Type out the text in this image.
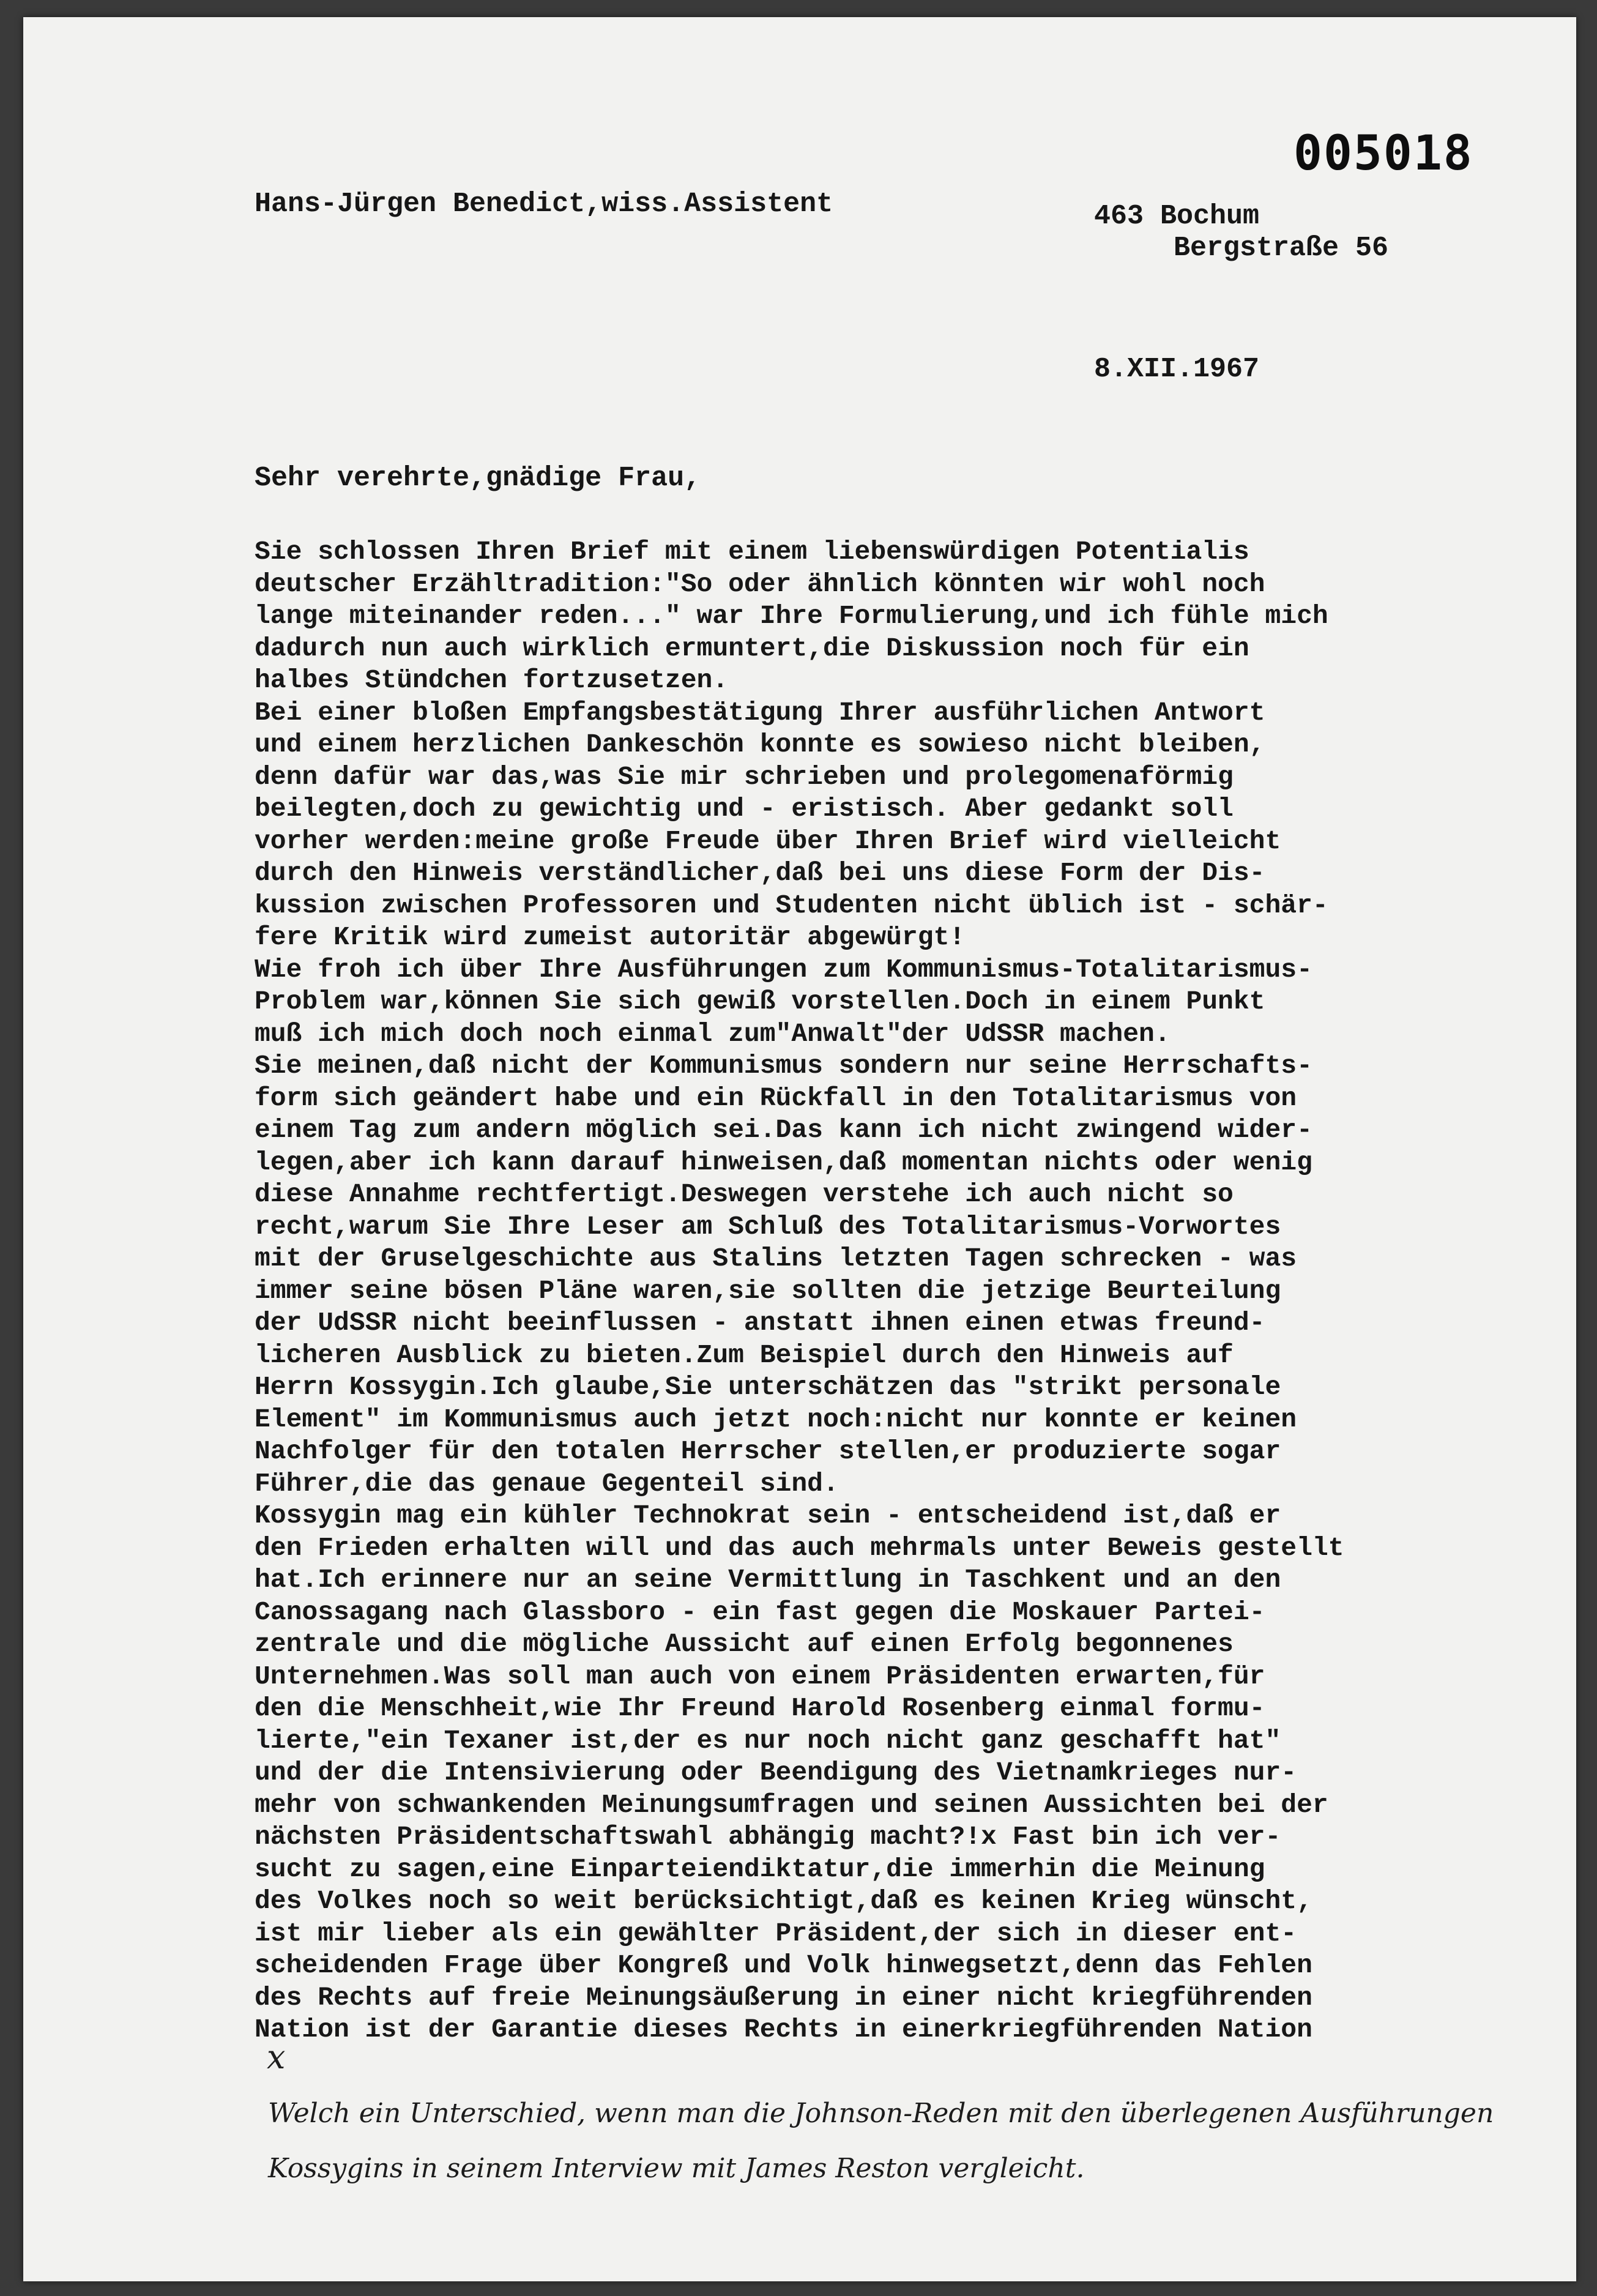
005018
Hans-Jürgen Benedict,wiss.Assistent	463 Bochum
Bergstraße 56
8.XII.1967
Sehr verehrte,gnädige Frau,
Sie schlossen Ihren Brief mit einem liebenswürdigen Potentialis
deutscher Erzähltradition:"So oder ähnlich könnten wir wohl noch
lange miteinander reden..." war Ihre Formulierung,und ich fühle mich
dadurch nun auch wirklich ermuntert,die Diskussion noch für ein
halbes Stündchen fortzusetzen.
Bei einer bloßen Empfangsbestätigung Ihrer ausführlichen Antwort
und einem herzlichen Dankeschön konnte es sowieso nicht bleiben,
denn dafür war das,was Sie mir schrieben und prolegomenaförmig
beilegten,doch zu gewichtig und - eristisch. Aber gedankt soll
vorher werden:meine große Freude über Ihren Brief wird vielleicht
durch den Hinweis verständlicher,daß bei uns diese Form der Dis-
kussion zwischen Professoren und Studenten nicht üblich ist - schär-
fere Kritik wird zumeist autoritär abgewürgt!
Wie froh ich über Ihre Ausführungen zum Kommunismus-Totalitarismus-
Problem war,können Sie sich gewiß vorstellen.Doch in einem Punkt
muß ich mich doch noch einmal zum"Anwalt"der UdSSR machen.
Sie meinen,daß nicht der Kommunismus sondern nur seine Herrschafts-
form sich geändert habe und ein Rückfall in den Totalitarismus von
einem Tag zum andern möglich sei.Das kann ich nicht zwingend wider-
legen,aber ich kann darauf hinweisen,daß momentan nichts oder wenig
diese Annahme rechtfertigt.Deswegen verstehe ich auch nicht so
recht,warum Sie Ihre Leser am Schluß des Totalitarismus-Vorwortes
mit der Gruselgeschichte aus Stalins letzten Tagen schrecken - was
immer seine bösen Pläne waren,sie sollten die jetzige Beurteilung
der UdSSR nicht beeinflussen - anstatt ihnen einen etwas freund-
licheren Ausblick zu bieten.Zum Beispiel durch den Hinweis auf
Herrn Kossygin.Ich glaube,Sie unterschätzen das "strikt personale
Element" im Kommunismus auch jetzt noch:nicht nur konnte er keinen
Nachfolger für den totalen Herrscher stellen,er produzierte sogar
Führer,die das genaue Gegenteil sind.
Kossygin mag ein kühler Technokrat sein - entscheidend ist,daß er
den Frieden erhalten will und das auch mehrmals unter Beweis gestellt
hat.Ich erinnere nur an seine Vermittlung in Taschkent und an den
Canossagang nach Glassboro - ein fast gegen die Moskauer Partei-
zentrale und die mögliche Aussicht auf einen Erfolg begonnenes
Unternehmen.Was soll man auch von einem Präsidenten erwarten,für
den die Menschheit,wie Ihr Freund Harold Rosenberg einmal formu-
lierte,"ein Texaner ist,der es nur noch nicht ganz geschafft hat"
und der die Intensivierung oder Beendigung des Vietnamkrieges nur-
mehr von schwankenden Meinungsumfragen und seinen Aussichten bei der
nächsten Präsidentschaftswahl abhängig macht?!x Fast bin ich ver-
sucht zu sagen,eine Einparteiendiktatur,die immerhin die Meinung
des Volkes noch so weit berücksichtigt,daß es keinen Krieg wünscht,
ist mir lieber als ein gewählter Präsident,der sich in dieser ent-
scheidenden Frage über Kongreß und Volk hinwegsetzt,denn das Fehlen
des Rechts auf freie Meinungsäußerung in einer nicht kriegführenden
Nation ist der Garantie dieses Rechts in einerkriegführenden Nation
x
Welch ein Unterschied, wenn man die Johnson-Reden mit den überlegenen Ausführungen
Kossygins in seinem Interview mit James Reston vergleicht.
